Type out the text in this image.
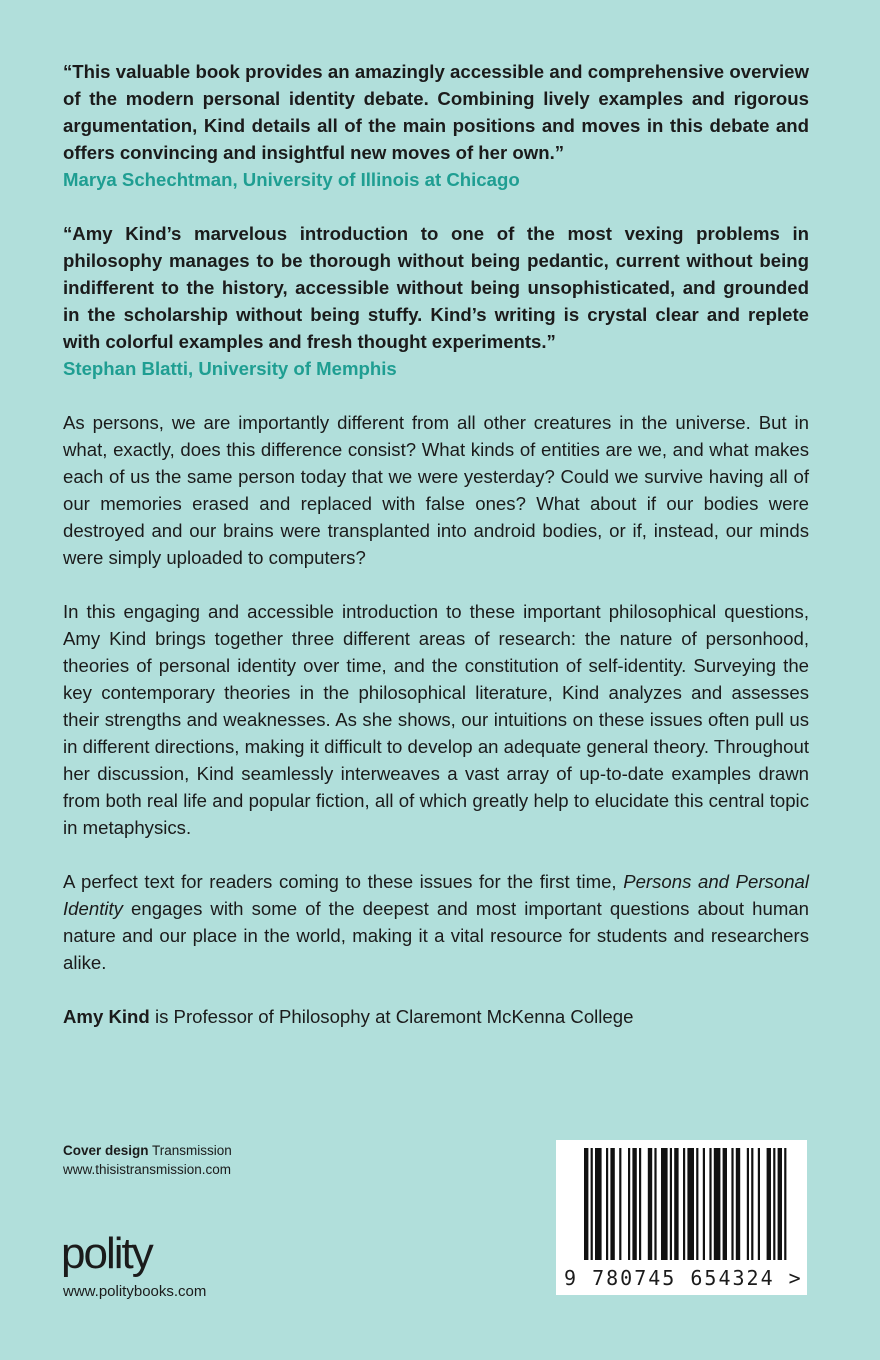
“This valuable book provides an amazingly accessible and comprehensive overview of the modern personal identity debate. Combining lively examples and rigorous argumentation, Kind details all of the main positions and moves in this debate and offers convincing and insightful new moves of her own.”

Marya Schechtman, University of Illinois at Chicago

“Amy Kind’s marvelous introduction to one of the most vexing problems in philosophy manages to be thorough without being pedantic, current without being indifferent to the history, accessible without being unsophisticated, and grounded in the scholarship without being stuffy. Kind’s writing is crystal clear and replete with colorful examples and fresh thought experiments.”

Stephan Blatti, University of Memphis

As persons, we are importantly different from all other creatures in the universe. But in what, exactly, does this difference consist? What kinds of entities are we, and what makes each of us the same person today that we were yesterday? Could we survive having all of our memories erased and replaced with false ones? What about if our bodies were destroyed and our brains were transplanted into android bodies, or if, instead, our minds were simply uploaded to computers?

In this engaging and accessible introduction to these important philosophical questions, Amy Kind brings together three different areas of research: the nature of personhood, theories of personal identity over time, and the constitution of self-identity. Surveying the key contemporary theories in the philosophical literature, Kind analyzes and assesses their strengths and weaknesses. As she shows, our intuitions on these issues often pull us in different directions, making it difficult to develop an adequate general theory. Throughout her discussion, Kind seamlessly interweaves a vast array of up-to-date examples drawn from both real life and popular fiction, all of which greatly help to elucidate this central topic in metaphysics.

A perfect text for readers coming to these issues for the first time, Persons and Personal Identity engages with some of the deepest and most important questions about human nature and our place in the world, making it a vital resource for students and researchers alike.

Amy Kind is Professor of Philosophy at Claremont McKenna College

Cover design Transmission
www.thisistransmission.com
polity
www.politybooks.com
9 780745 654324 >
